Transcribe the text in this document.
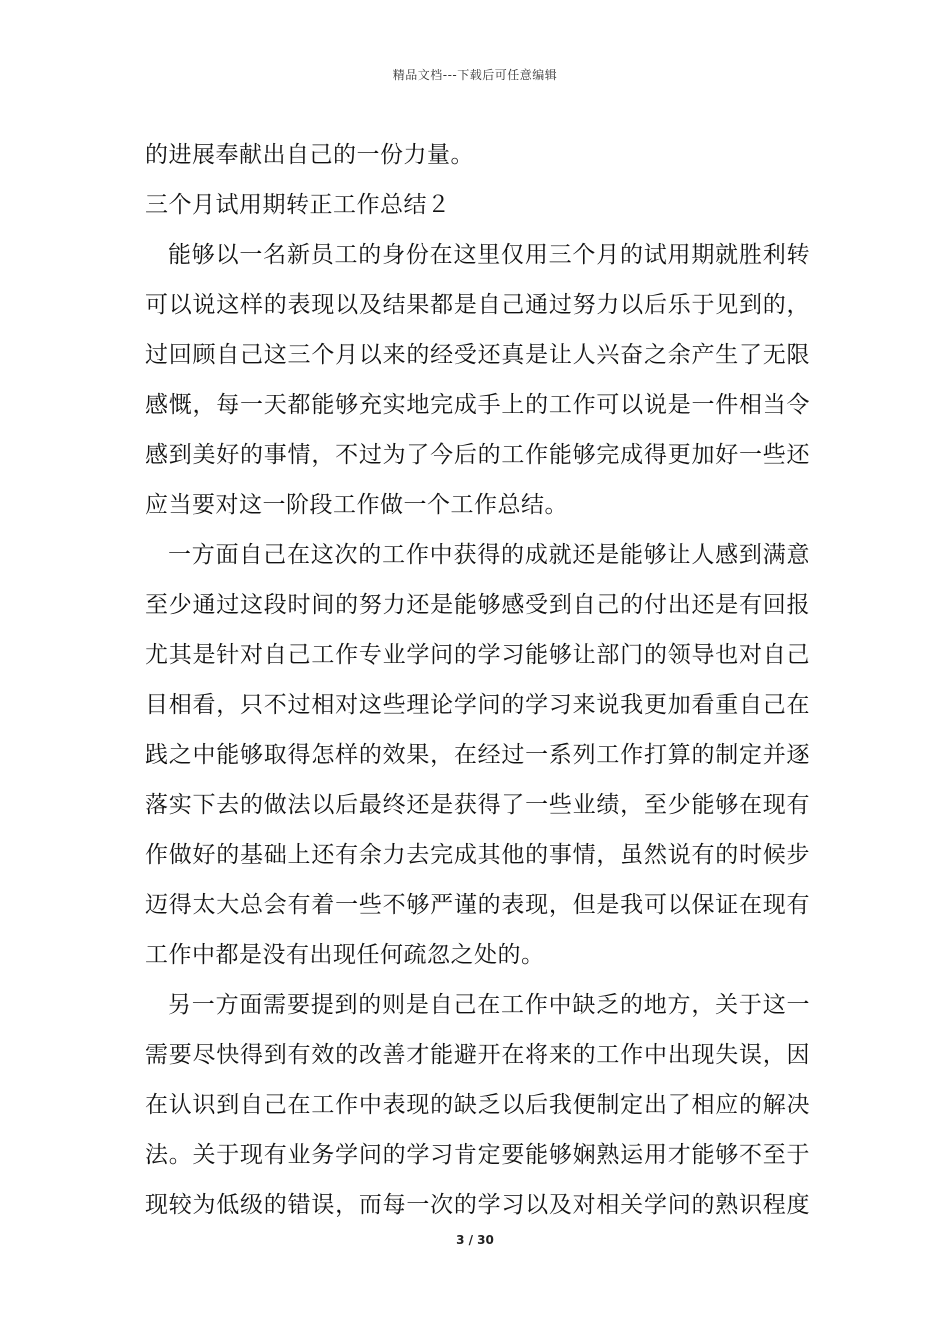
精品文档---下载后可任意编辑
的进展奉献出自己的一份力量。
三个月试用期转正工作总结２
能够以一名新员工的身份在这里仅用三个月的试用期就胜利转
可以说这样的表现以及结果都是自己通过努力以后乐于见到的，
过回顾自己这三个月以来的经受还真是让人兴奋之余产生了无限
感慨，每一天都能够充实地完成手上的工作可以说是一件相当令
感到美好的事情，不过为了今后的工作能够完成得更加好一些还
应当要对这一阶段工作做一个工作总结。
一方面自己在这次的工作中获得的成就还是能够让人感到满意
至少通过这段时间的努力还是能够感受到自己的付出还是有回报
尤其是针对自己工作专业学问的学习能够让部门的领导也对自己
目相看，只不过相对这些理论学问的学习来说我更加看重自己在
践之中能够取得怎样的效果，在经过一系列工作打算的制定并逐
落实下去的做法以后最终还是获得了一些业绩，至少能够在现有
作做好的基础上还有余力去完成其他的事情，虽然说有的时候步
迈得太大总会有着一些不够严谨的表现，但是我可以保证在现有
工作中都是没有出现任何疏忽之处的。
另一方面需要提到的则是自己在工作中缺乏的地方，关于这一
需要尽快得到有效的改善才能避开在将来的工作中出现失误，因
在认识到自己在工作中表现的缺乏以后我便制定出了相应的解决
法。关于现有业务学问的学习肯定要能够娴熟运用才能够不至于
现较为低级的错误，而每一次的学习以及对相关学问的熟识程度
3 / 30
